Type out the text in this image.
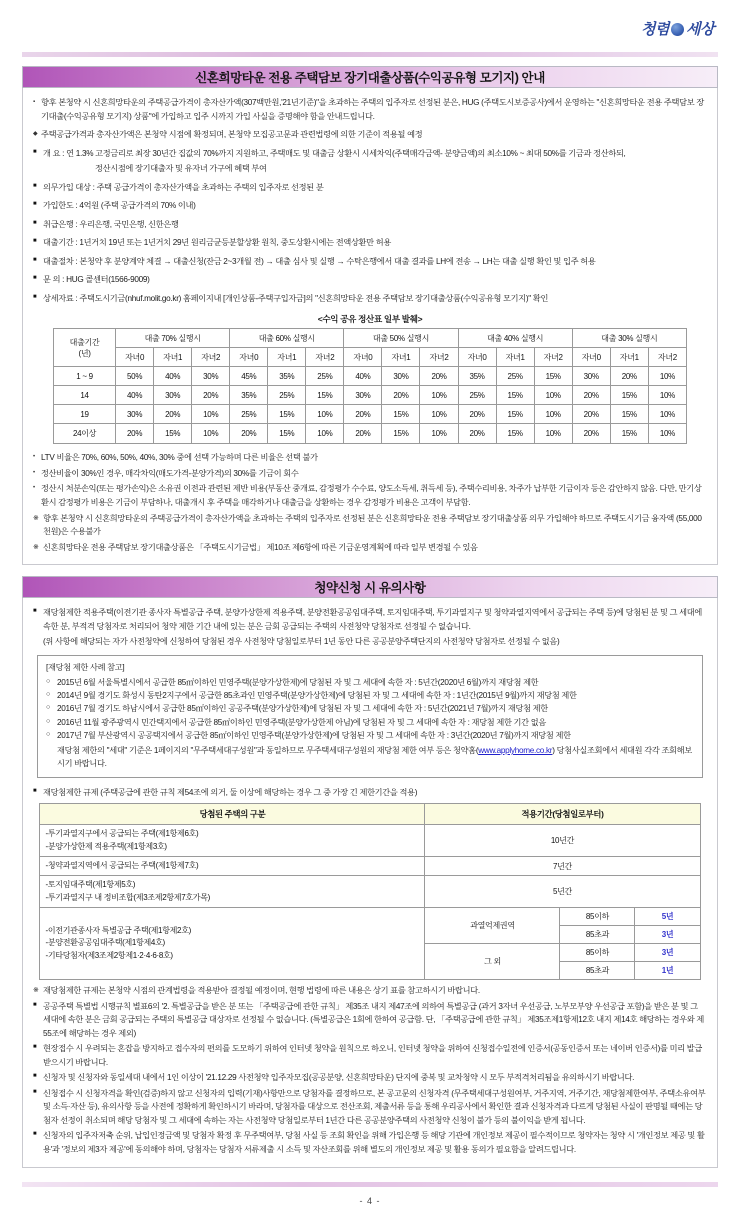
청렴 세상
신혼희망타운 전용 주택담보 장기대출상품(수익공유형 모기지) 안내
▪ 향후 본청약 시 신혼희망타운의 주택공급가격이 총자산가액(307백만원,'21년기준)"을 초과하는 주택의 입주자로 선정된 분은, HUG (주택도시보증공사)에서 운영하는 "신혼희망타운 전용 주택담보 장기대출(수익공유형 모기지) 상품"에 가입하고 입주 시까지 가입 사실을 증명해야 함을 안내드립니다.
◆ 주택공급가격과 총자산가액은 본청약 시점에 확정되며, 본청약 모집공고문과 관련법령에 의한 기준이 적용될 예정
■ 개 요 : 연 1.3% 고정금리로 최장 30년간 집값의 70%까지 지원하고, 주택매도 및 대출금 상환시 시세차익(주택매각금액- 분양금액)의 최소10% ~ 최대 50%를 기금과 정산하되,
정산시점에 장기대출자 및 유자녀 가구에 혜택 부여
■ 의무가입 대상 : 주택 공급가격이 총자산가액을 초과하는 주택의 입주자로 선정된 분
■ 가입한도 : 4억원 (주택 공급가격의 70% 이내)
■ 취급은행 : 우리은행, 국민은행, 신한은행
■ 대출기간 : 1년거치 19년 또는 1년거치 29년 원리금균등분할상환 원칙, 중도상환시에는 전액상환만 허용
■ 대출절차 : 본청약 후 분양계약 체결 → 대출신청(잔금 2~3개월 전) → 대출 심사 및 실행 → 수탁은행에서 대출 결과를 LH에 전송 → LH는 대출 실행 확인 및 입주 허용
■ 문 의 : HUG 콜센터(1566-9009)
■ 상세자료 : 주택도시기금(nhuf.molit.go.kr) 홈페이지내 [개인상품-주택구입자금]의 "신혼희망타운 전용 주택담보 장기대출상품(수익공유형 모기지)" 확인
<수익 공유 정산표 일부 발췌>
대출기간
(년)	대출 70% 실행시			대출 60% 실행시			대출 50% 실행시			대출 40% 실행시			대출 30% 실행시		
	자녀0	자녀1	자녀2	자녀0	자녀1	자녀2	자녀0	자녀1	자녀2	자녀0	자녀1	자녀2	자녀0	자녀1	자녀2
1 ~ 9	50%	40%	30%	45%	35%	25%	40%	30%	20%	35%	25%	15%	30%	20%	10%
14	40%	30%	20%	35%	25%	15%	30%	20%	10%	25%	15%	10%	20%	15%	10%
19	30%	20%	10%	25%	15%	10%	20%	15%	10%	20%	15%	10%	20%	15%	10%
24이상	20%	15%	10%	20%	15%	10%	20%	15%	10%	20%	15%	10%	20%	15%	10%
• LTV 비율은 70%, 60%, 50%, 40%, 30% 중에 선택 가능하며 다른 비율은 선택 불가
• 정산비율이 30%인 경우, 매각차익(매도가격-분양가격)의 30%를 기금이 회수
• 정산시 처분손익(또는 평가손익)은 소유권 이전과 관련된 제반 비용(부동산 중개료, 감정평가 수수료, 양도소득세, 취득세 등), 주택수리비용, 차주가 납부한 기금이자 등은 감안하지 않음. 다만, 만기상환시 감정평가 비용은 기금이 부담하나, 대출개시 후 주택을 매각하거나 대출금을 상환하는 경우 감정평가 비용은 고객이 부담함.
※ 향후 본청약 시 신혼희망타운의 주택공급가격이 총자산가액을 초과하는 주택의 입주자로 선정된 분은 신혼희망타운 전용 주택담보 장기대출상품 의무 가입해야 하므로 주택도시기금 융자액 (55,000천원)은 수용불가
※ 신혼희망타운 전용 주택담보 장기대출상품은 「주택도시기금법」 제10조 제6항에 따른 기금운영계획에 따라 일부 변경될 수 있음
청약신청 시 유의사항
■ 재당첨제한 적용주택(이전기관 종사자 특별공급 주택, 분양가상한제 적용주택, 분양전환공공임대주택, 토지임대주택, 투기과열지구 및 청약과열지역에서 공급되는 주택 등)에 당첨된 분 및 그 세대에 속한 분, 부적격 당첨자로 처리되어 청약 제한 기간 내에 있는 분은 금회 공급되는 주택의 사전청약 당첨자로 선정될 수 없습니다.
(위 사항에 해당되는 자가 사전청약에 신청하여 당첨된 경우 사전청약 당첨일로부터 1년 동안 다른 공공분양주택단지의 사전청약 당첨자로 선정될 수 없음)
[재당첨 제한 사례 참고]
○ 2015년 6월 서울특별시에서 공급한 85㎡이하인 민영주택(분양가상한제)에 당첨된 자 및 그 세대에 속한 자 : 5년간(2020년 6월)까지 재당첨 제한
○ 2014년 9월 경기도 화성시 동탄2지구에서 공급한 85초과인 민영주택(분양가상한제)에 당첨된 자 및 그 세대에 속한 자 : 1년간(2015년 9월)까지 재당첨 제한
○ 2016년 7월 경기도 하남시에서 공급한 85㎡이하인 공공주택(분양가상한제)에 당첨된 자 및 그 세대에 속한 자 : 5년간(2021년 7월)까지 재당첨 제한
○ 2016년 11월 광주광역시 민간택지에서 공급한 85㎡이하인 민영주택(분양가상한제 아님)에 당첨된 자 및 그 세대에 속한 자 : 재당첨 제한 기간 없음
○ 2017년 7월 부산광역시 공공택지에서 공급한 85㎡이하인 민영주택(분양가상한제)에 당첨된 자 및 그 세대에 속한 자 : 3년간(2020년 7월)까지 재당첨 제한
재당첨 제한의 "세대" 기준은 1페이지의 "무주택세대구성원"과 동일하므로 무주택세대구성원의 재당첨 제한 여부 등은 청약홈(www.applyhome.co.kr) 당첨사실조회에서 세대원 각각 조회해보시기 바랍니다.
■ 재당첨제한 규제 (주택공급에 관한 규칙 제54조에 의거, 둘 이상에 해당하는 경우 그 중 가장 긴 제한기간을 적용)
당첨된 주택의 구분	적용기간(당첨일로부터)		
-투기과열지구에서 공급되는 주택(제1항제6호)
-분양가상한제 적용주택(제1항제3호)	10년간		
-청약과열지역에서 공급되는 주택(제1항제7호)	7년간		
-토지임대주택(제1항제5호)
-투기과열지구 내 정비조합(제3조제2항제7호가목)	5년간		
-이전기관종사자 특별공급 주택(제1항제2호)
-분양전환공공임대주택(제1항제4호)
-기타당첨자(제3조제2항제1·2·4·6·8호)	과열억제권역	85이하	5년
		85초과	3년
	그 외	85이하	3년
		85초과	1년
※ 재당첨제한 규제는 본청약 시점의 관계법령을 적용받아 결정될 예정이며, 현행 법령에 따른 내용은 상기 표를 참고하시기 바랍니다.
■ 공공주택 특별법 시행규칙 별표6의 '2. 특별공급을 받은 분 또는 「주택공급에 관한 규칙」 제35조 내지 제47조에 의하여 특별공급 (과거 3자녀 우선공급, 노부모부양 우선공급 포함)을 받은 분 및 그 세대에 속한 분은 금회 공급되는 주택의 특별공급 대상자로 선정될 수 없습니다. (특별공급은 1회에 한하여 공급함. 단, 「주택공급에 관한 규칙」 제35조제1항제12호 내지 제14호 해당하는 경우와 제55조에 해당하는 경우 제외)
■ 현장접수 시 우려되는 혼잡을 방지하고 접수자의 편의를 도모하기 위하여 인터넷 청약을 원칙으로 하오니, 인터넷 청약을 위하여 신청접수일전에 인증서(공동인증서 또는 네이버 인증서)를 미리 발급 받으시기 바랍니다.
■ 신청자 및 신청자와 동일세대 내에서 1인 이상이 '21.12.29 사전청약 입주자모집(공공분양, 신혼희망타운) 단지에 중복 및 교차청약 시 모두 부적격처리됨을 유의하시기 바랍니다.
■ 신청접수 시 신청자격을 확인(검증)하지 않고 신청자의 입력(기재)사항만으로 당첨자를 결정하므로, 본 공고문의 신청자격 (무주택세대구성원여부, 거주지역, 거주기간, 재당첨제한여부, 주택소유여부 및 소득·자산 등), 유의사항 등을 사전에 정확하게 확인하시기 바라며, 당첨자를 대상으로 전산조회, 제출서류 등을 통해 우리공사에서 확인한 결과 신청자격과 다르게 당첨된 사실이 판명될 때에는 당첨자 선정이 취소되며 해당 당첨자 및 그 세대에 속하는 자는 사전청약 당첨일로부터 1년간 다른 공공분양주택의 사전청약 신청이 불가 등의 불이익을 받게 됩니다.
■ 신청자의 입주자저축 순위, 납입인정금액 및 당첨자 확정 후 무주택여부, 당첨 사실 등 조회 확인을 위해 가입은행 등 해당 기관에 개인정보 제공이 필수적이므로 청약자는 청약 시 '개인정보 제공 및 활용'과 '정보의 제3자 제공'에 동의해야 하며, 당첨자는 당첨자 서류제출 시 소득 및 자산조회를 위해 별도의 개인정보 제공 및 활용 동의가 필요함을 알려드립니다.
- 4 -
